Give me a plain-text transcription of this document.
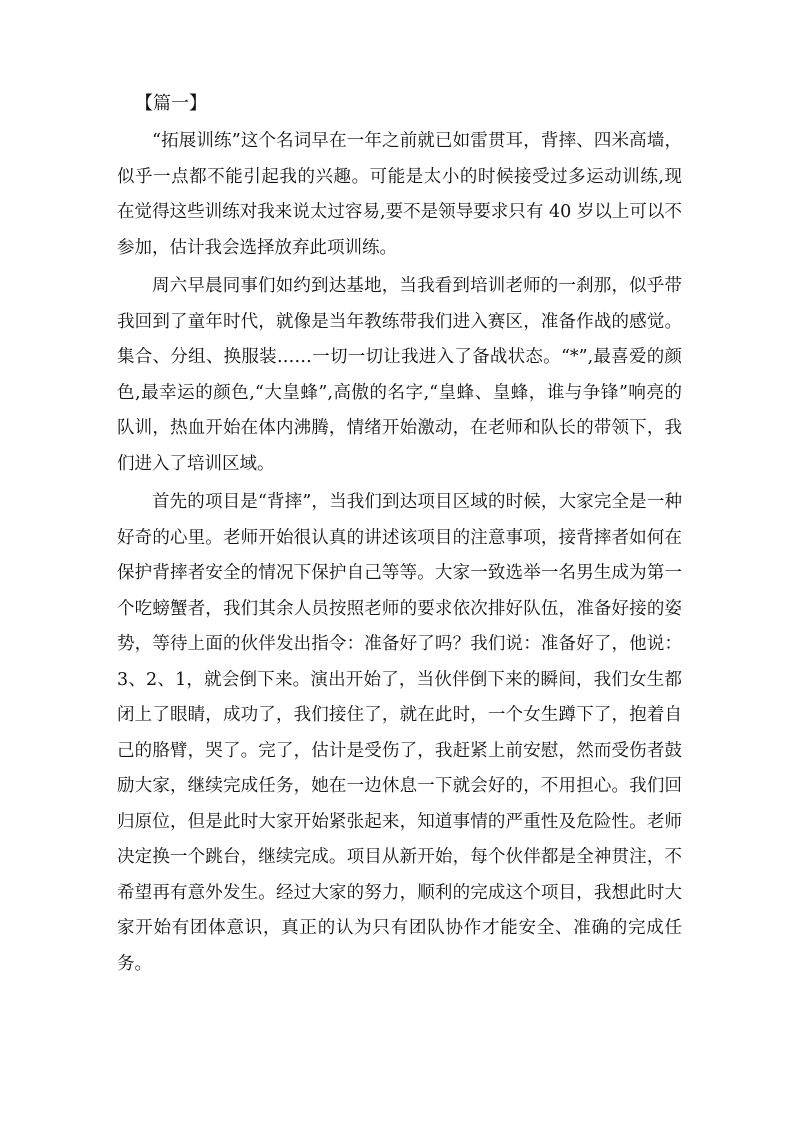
【篇一】

“拓展训练”这个名词早在一年之前就已如雷贯耳，背摔、四米高墙，似乎一点都不能引起我的兴趣。可能是太小的时候接受过多运动训练,现在觉得这些训练对我来说太过容易,要不是领导要求只有 40 岁以上可以不参加，估计我会选择放弃此项训练。

周六早晨同事们如约到达基地，当我看到培训老师的一刹那，似乎带我回到了童年时代，就像是当年教练带我们进入赛区，准备作战的感觉。集合、分组、换服装……一切一切让我进入了备战状态。“*”,最喜爱的颜色,最幸运的颜色,“大皇蜂”,高傲的名字,“皇蜂、皇蜂，谁与争锋”响亮的队训，热血开始在体内沸腾，情绪开始激动，在老师和队长的带领下，我们进入了培训区域。

首先的项目是“背摔”，当我们到达项目区域的时候，大家完全是一种好奇的心里。老师开始很认真的讲述该项目的注意事项，接背摔者如何在保护背摔者安全的情况下保护自己等等。大家一致选举一名男生成为第一个吃螃蟹者，我们其余人员按照老师的要求依次排好队伍，准备好接的姿势，等待上面的伙伴发出指令：准备好了吗？我们说：准备好了，他说：3、2、1，就会倒下来。演出开始了，当伙伴倒下来的瞬间，我们女生都闭上了眼睛，成功了，我们接住了，就在此时，一个女生蹲下了，抱着自己的胳臂，哭了。完了，估计是受伤了，我赶紧上前安慰，然而受伤者鼓励大家，继续完成任务，她在一边休息一下就会好的，不用担心。我们回归原位，但是此时大家开始紧张起来，知道事情的严重性及危险性。老师决定换一个跳台，继续完成。项目从新开始，每个伙伴都是全神贯注，不希望再有意外发生。经过大家的努力，顺利的完成这个项目，我想此时大家开始有团体意识，真正的认为只有团队协作才能安全、准确的完成任务。
